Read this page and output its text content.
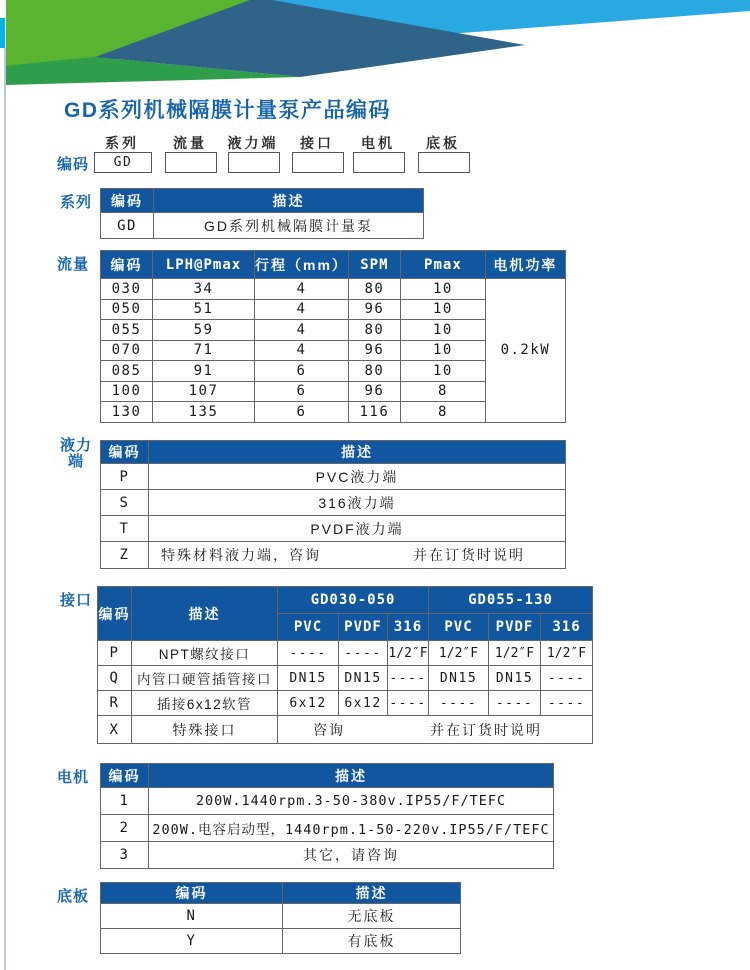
GD系列机械隔膜计量泵产品编码
编码
系列	流量	液力端	接口	电机	底板
GD
系列 编码	描述
GD	GD系列机械隔膜计量泵
流量 编码	LPH@Pmax	行程（mm）	SPM	Pmax	电机功率
030	34	4	80	10	0.2kW
050	51	4	96	10	
055	59	4	80	10	
070	71	4	96	10	
085	91	6	80	10	
100	107	6	96	8	
130	135	6	116	8	
液力
端
编码	描述
P	PVC液力端
S	316液力端
T	PVDF液力端
Z	特殊材料液力端，咨询 并在订货时说明
接口
编码	描述	GD030-050			GD055-130		
		PVC	PVDF	316	PVC	PVDF	316
P	NPT螺纹接口	----	----	1/2″F	1/2″F	1/2″F	1/2″F
Q	内管口硬管插管接口	DN15	DN15	----	DN15	DN15	----
R	插接6x12软管	6x12	6x12	----	----	----	----
X	特殊接口	咨询 并在订货时说明					
电机 编码	描述
1	200W.1440rpm.3-50-380v.IP55/F/TEFC
2	200W.电容启动型，1440rpm.1-50-220v.IP55/F/TEFC
3	其它，请咨询
底板	编码	描述
N	无底板
Y	有底板
